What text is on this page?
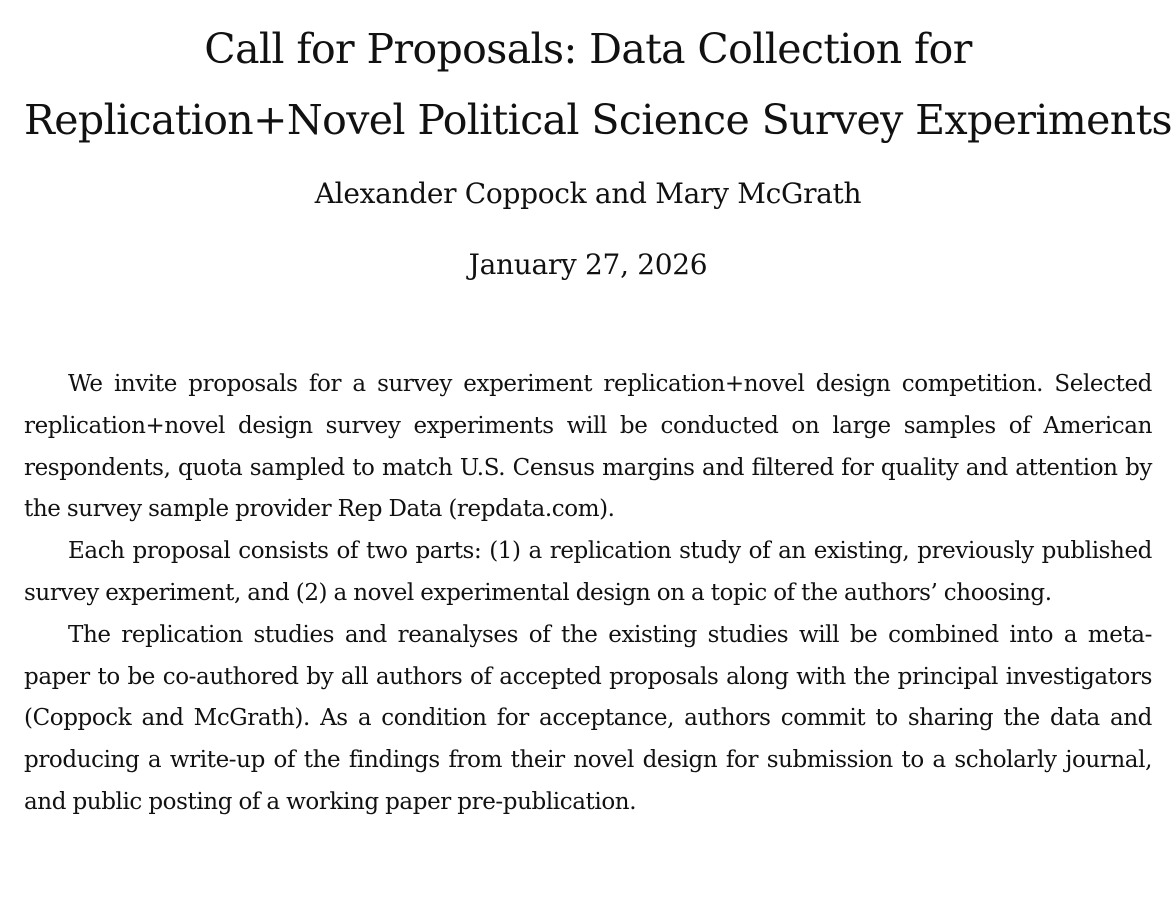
Call for Proposals: Data Collection for
Replication+Novel Political Science Survey Experiments
Alexander Coppock and Mary McGrath
January 27, 2026

We invite proposals for a survey experiment replication+novel design competition. Selected replication+novel design survey experiments will be conducted on large samples of American respondents, quota sampled to match U.S. Census margins and filtered for quality and attention by the survey sample provider Rep Data (repdata.com).

Each proposal consists of two parts: (1) a replication study of an existing, previously published survey experiment, and (2) a novel experimental design on a topic of the authors’ choosing.

The replication studies and reanalyses of the existing studies will be combined into a meta-paper to be co-authored by all authors of accepted proposals along with the principal investigators (Coppock and McGrath). As a condition for acceptance, authors commit to sharing the data and producing a write-up of the findings from their novel design for submission to a scholarly journal, and public posting of a working paper pre-publication.
